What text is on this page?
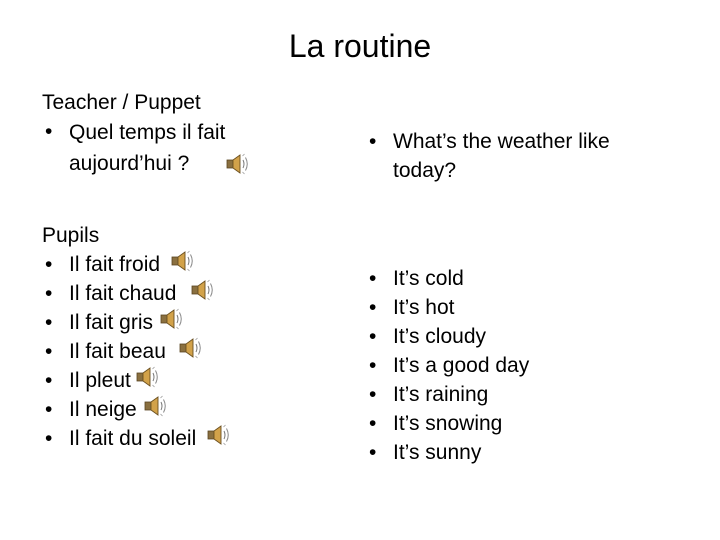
La routine
Teacher / Puppet
• Quel temps il fait
aujourd’hui ?
• What’s the weather like
today?
Pupils
• Il fait froid
• Il fait chaud
• Il fait gris
• Il fait beau
• Il pleut
• Il neige
• Il fait du soleil
• It’s cold
• It’s hot
• It’s cloudy
• It’s a good day
• It’s raining
• It’s snowing
• It’s sunny
